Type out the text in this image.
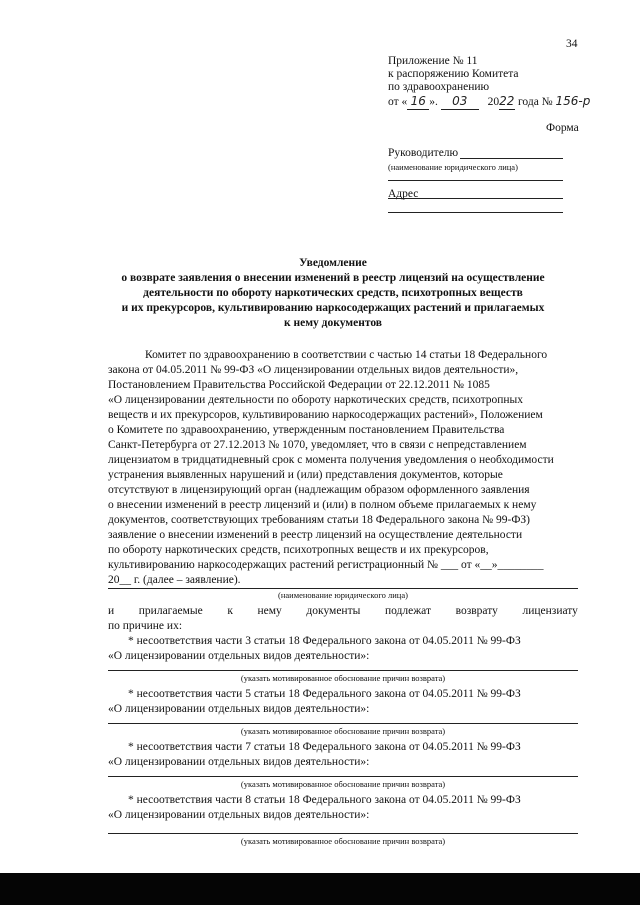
34
Приложение № 11
к распоряжению Комитета
по здравоохранению
от « 16 ». 03 2022 года № 156-р
Форма
Руководителю
(наименование юридического лица)
Адрес
Уведомление
о возврате заявления о внесении изменений в реестр лицензий на осуществление
деятельности по обороту наркотических средств, психотропных веществ
и их прекурсоров, культивированию наркосодержащих растений и прилагаемых
к нему документов
Комитет по здравоохранению в соответствии с частью 14 статьи 18 Федерального
закона от 04.05.2011 № 99-ФЗ «О лицензировании отдельных видов деятельности»,
Постановлением Правительства Российской Федерации от 22.12.2011 № 1085
«О лицензировании деятельности по обороту наркотических средств, психотропных
веществ и их прекурсоров, культивированию наркосодержащих растений», Положением
о Комитете по здравоохранению, утвержденным постановлением Правительства
Санкт-Петербурга от 27.12.2013 № 1070, уведомляет, что в связи с непредставлением
лицензиатом в тридцатидневный срок с момента получения уведомления о необходимости
устранения выявленных нарушений и (или) представления документов, которые
отсутствуют в лицензирующий орган (надлежащим образом оформленного заявления
о внесении изменений в реестр лицензий и (или) в полном объеме прилагаемых к нему
документов, соответствующих требованиям статьи 18 Федерального закона № 99-ФЗ)
заявление о внесении изменений в реестр лицензий на осуществление деятельности
по обороту наркотических средств, психотропных веществ и их прекурсоров,
культивированию наркосодержащих растений регистрационный № ___ от «__»________
20__ г. (далее – заявление).
(наименование юридического лица)
и прилагаемые к нему документы подлежат возврату лицензиату
по причине их:
* несоответствия части 3 статьи 18 Федерального закона от 04.05.2011 № 99-ФЗ
«О лицензировании отдельных видов деятельности»:
(указать мотивированное обоснование причин возврата)
* несоответствия части 5 статьи 18 Федерального закона от 04.05.2011 № 99-ФЗ
«О лицензировании отдельных видов деятельности»:
(указать мотивированное обоснование причин возврата)
* несоответствия части 7 статьи 18 Федерального закона от 04.05.2011 № 99-ФЗ
«О лицензировании отдельных видов деятельности»:
(указать мотивированное обоснование причин возврата)
* несоответствия части 8 статьи 18 Федерального закона от 04.05.2011 № 99-ФЗ
«О лицензировании отдельных видов деятельности»:
(указать мотивированное обоснование причин возврата)
